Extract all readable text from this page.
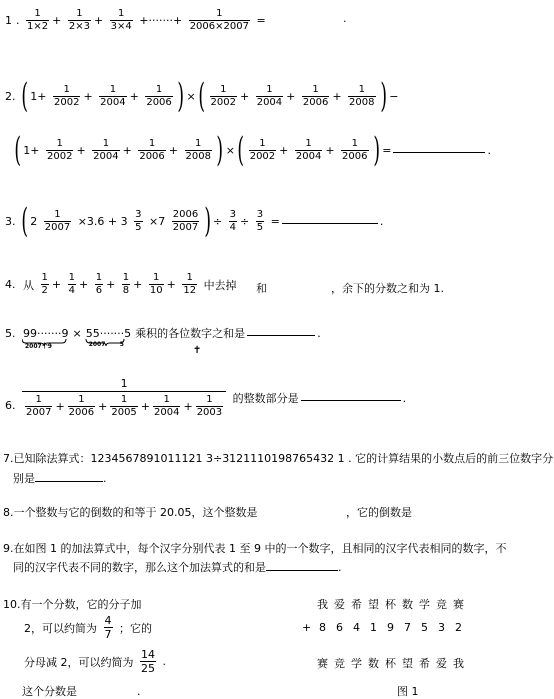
1 . $\frac{1}{1\times 2} + \frac{1}{2\times 3} + \frac{1}{3\times 4}$ +·······+ $\frac{1}{2006\times 2007}$ =	.
2. ( $1+ \frac{1}{2002} + \frac{1}{2004} + \frac{1}{2006}$ ) ×( $\frac{1}{2002} + \frac{1}{2004} + \frac{1}{2006} + \frac{1}{2008}$ ) −
( $1+ \frac{1}{2002} + \frac{1}{2004} + \frac{1}{2006} + \frac{1}{2008}$ ) ×( $\frac{1}{2002} + \frac{1}{2004} + \frac{1}{2006}$ ) =	.
3. ( $2 \frac{1}{2007} \times 3.6 + 3 \frac{3}{5} \times 7 \frac{2006}{2007}$ ) ÷ $\frac{3}{4} \div \frac{3}{5}$ =	.
4. 从 $\frac{1}{2} + \frac{1}{4} + \frac{1}{6} + \frac{1}{8} + \frac{1}{10} + \frac{1}{12}$ 中去掉 和	，余下的分数之和为 1.
5. 99·······9
2007个9
× 55·······5
2007 5
乘积的各位数字之和是	.
✝
6. $\frac{1}{\frac{1}{2007} + \frac{1}{2006} + \frac{1}{2005} + \frac{1}{2004} + \frac{1}{2003}}$ 的整数部分是	.
7.已知除法算式：1234567891011121 3÷3121110198765432 1 . 它的计算结果的小数点后的前三位数字分
别是	.
8.一个整数与它的倒数的和等于 20.05，这个整数是	，它的倒数是
9.在如图 1 的加法算式中，每个汉字分别代表 1 至 9 中的一个数字，且相同的汉字代表相同的数字，不
同的汉字代表不同的数字，那么这个加法算式的和是	.
10.有一个分数，它的分子加
2，可以约简为 $\frac{4}{7}$ ；它的
分母减 2，可以约简为 $\frac{14}{25}$ .
这个分数是	.
我 爱 希 望 杯 数 学 竞 赛
+ 8 6 4 1 9 7 5 3 2
赛 竞 学 数 杯 望 希 爱 我
图 1
